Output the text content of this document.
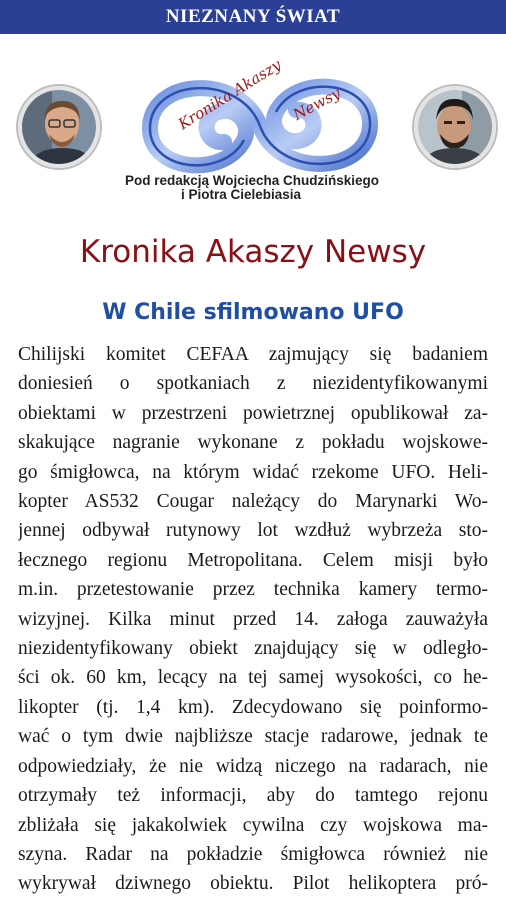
NIEZNANY ŚWIAT
Kronika Akaszy Newsy
Pod redakcją Wojciecha Chudzińskiego
i Piotra Cielebiasia
Kronika Akaszy Newsy
W Chile sfilmowano UFO
Chilijski komitet CEFAA zajmujący się badaniem
doniesień o spotkaniach z niezidentyfikowanymi
obiektami w przestrzeni powietrznej opublikował za-
skakujące nagranie wykonane z pokładu wojskowe-
go śmigłowca, na którym widać rzekome UFO. Heli-
kopter AS532 Cougar należący do Marynarki Wo-
jennej odbywał rutynowy lot wzdłuż wybrzeża sto-
łecznego regionu Metropolitana. Celem misji było
m.in. przetestowanie przez technika kamery termo-
wizyjnej. Kilka minut przed 14. załoga zauważyła
niezidentyfikowany obiekt znajdujący się w odległo-
ści ok. 60 km, lecący na tej samej wysokości, co he-
likopter (tj. 1,4 km). Zdecydowano się poinformo-
wać o tym dwie najbliższe stacje radarowe, jednak te
odpowiedziały, że nie widzą niczego na radarach, nie
otrzymały też informacji, aby do tamtego rejonu
zbliżała się jakakolwiek cywilna czy wojskowa ma-
szyna. Radar na pokładzie śmigłowca również nie
wykrywał dziwnego obiektu. Pilot helikoptera pró-
